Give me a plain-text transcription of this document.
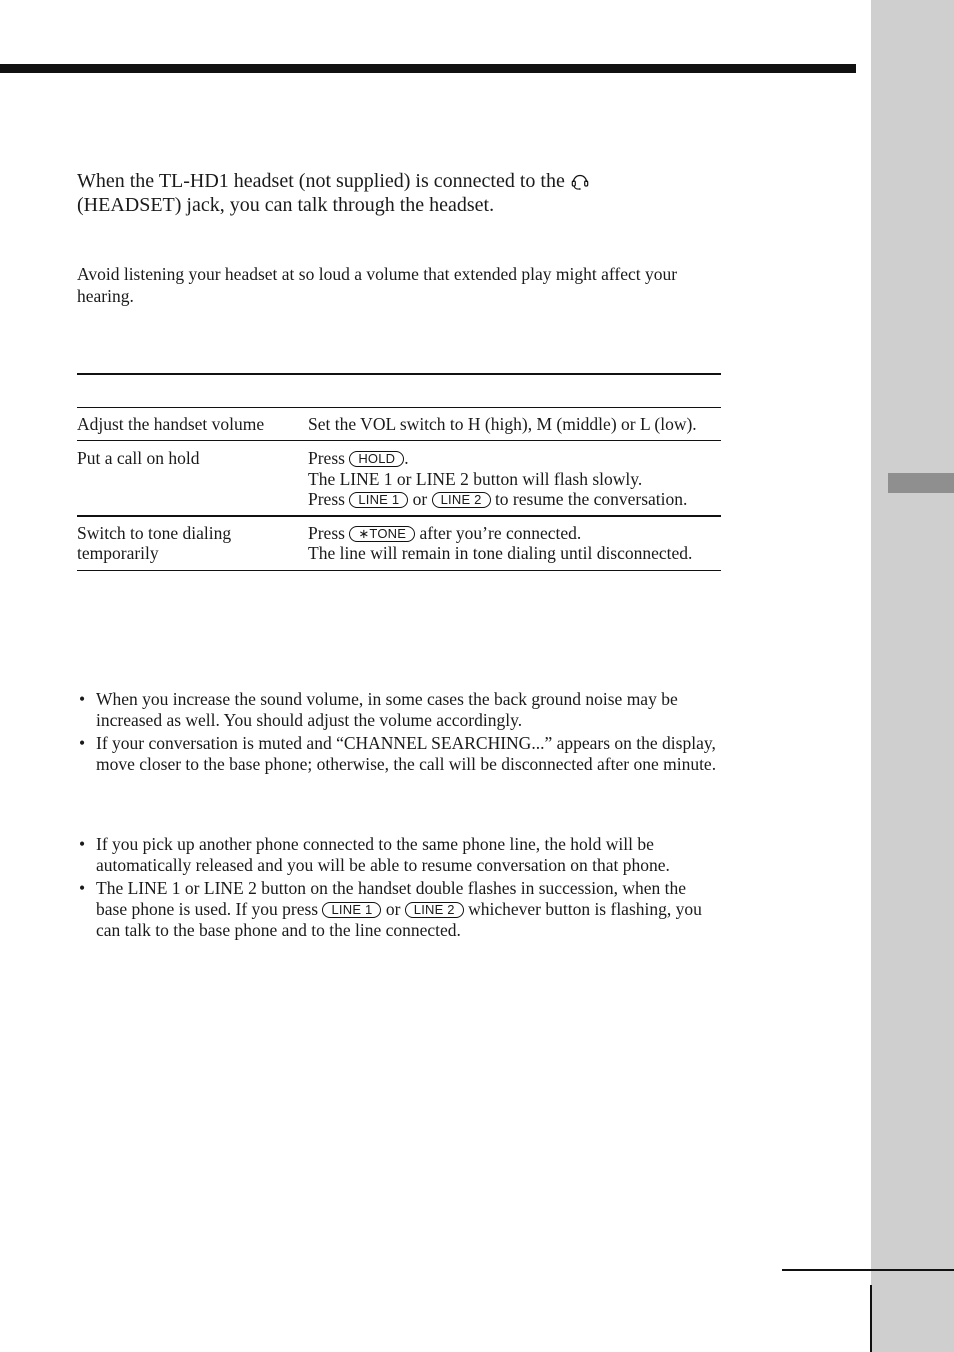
When the TL-HD1 headset (not supplied) is connected to the
(HEADSET) jack, you can talk through the headset.

Avoid listening your headset at so loud a volume that extended play might affect your hearing.

Adjust the handset volume	Set the VOL switch to H (high), M (middle) or L (low).
Put a call on hold	Press HOLD .
The LINE 1 or LINE 2 button will flash slowly.
Press LINE 1 or LINE 2 to resume the conversation.
Switch to tone dialing temporarily
Press ∗TONE after you’re connected.
The line will remain in tone dialing until disconnected.
• When you increase the sound volume, in some cases the back ground noise may be increased as well. You should adjust the volume accordingly.
• If your conversation is muted and “CHANNEL SEARCHING...” appears on the display, move closer to the base phone; otherwise, the call will be disconnected after one minute.
• If you pick up another phone connected to the same phone line, the hold will be automatically released and you will be able to resume conversation on that phone.
• The LINE 1 or LINE 2 button on the handset double flashes in succession, when the base phone is used. If you press LINE 1 or LINE 2 whichever button is flashing, you can talk to the base phone and to the line connected.
